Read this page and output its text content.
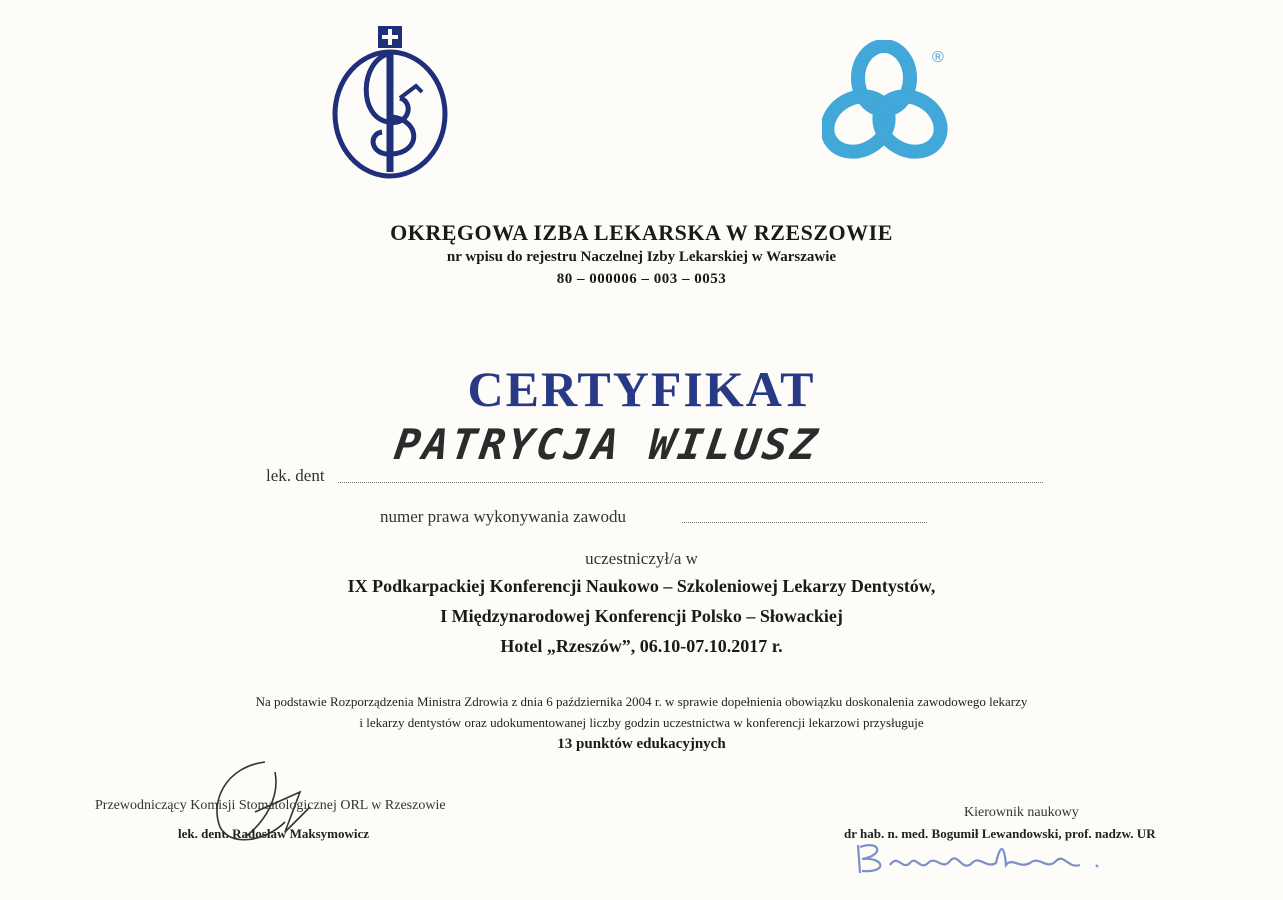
®
OKRĘGOWA IZBA LEKARSKA W RZESZOWIE
nr wpisu do rejestru Naczelnej Izby Lekarskiej w Warszawie
80 – 000006 – 003 – 0053
CERTYFIKAT
lek. dent
PATRYCJA WILUSZ
numer prawa wykonywania zawodu
uczestniczył/a w
IX Podkarpackiej Konferencji Naukowo – Szkoleniowej Lekarzy Dentystów,
I Międzynarodowej Konferencji Polsko – Słowackiej
Hotel „Rzeszów”, 06.10-07.10.2017 r.
Na podstawie Rozporządzenia Ministra Zdrowia z dnia 6 października 2004 r. w sprawie dopełnienia obowiązku doskonalenia zawodowego lekarzy
i lekarzy dentystów oraz udokumentowanej liczby godzin uczestnictwa w konferencji lekarzowi przysługuje
13 punktów edukacyjnych
Przewodniczący Komisji Stomatologicznej ORL w Rzeszowie
lek. dent. Radosław Maksymowicz
Kierownik naukowy
dr hab. n. med. Bogumił Lewandowski, prof. nadzw. UR
